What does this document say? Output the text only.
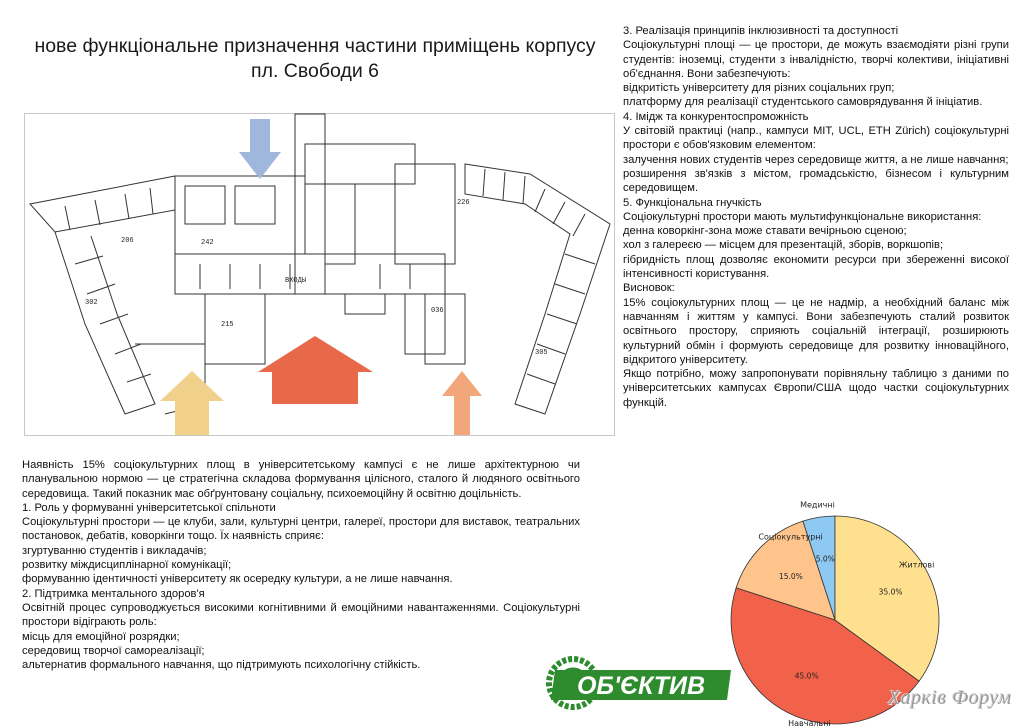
нове функціональне призначення частини приміщень корпусу
пл. Свободи 6
ВХОДЫ
036
242
206
215
226
302
305

3. Реалізація принципів інклюзивності та доступності

Соціокультурні площі — це простори, де можуть взаємодіяти різні групи студентів: іноземці, студенти з інвалідністю, творчі колективи, ініціативні об'єднання. Вони забезпечують:

відкритість університету для різних соціальних груп;

платформу для реалізації студентського самоврядування й ініціатив.

4. Імідж та конкурентоспроможність

У світовій практиці (напр., кампуси MIT, UCL, ETH Zürich) соціокультурні простори є обов'язковим елементом:

залучення нових студентів через середовище життя, а не лише навчання;

розширення зв'язків з містом, громадськістю, бізнесом і культурним середовищем.

5. Функціональна гнучкість

Соціокультурні простори мають мультифункціональне використання:

денна коворкінг-зона може ставати вечірньою сценою;

хол з галереєю — місцем для презентацій, зборів, воркшопів;

гібридність площ дозволяє економити ресурси при збереженні високої інтенсивності користування.

Висновок:

15% соціокультурних площ — це не надмір, а необхідний баланс між навчанням і життям у кампусі. Вони забезпечують сталий розвиток освітнього простору, сприяють соціальній інтеграції, розширюють культурний обмін і формують середовище для розвитку інноваційного, відкритого університету.

Якщо потрібно, можу запропонувати порівняльну таблицю з даними по університетських кампусах Європи/США щодо частки соціокультурних функцій.

Наявність 15% соціокультурних площ в університетському кампусі є не лише архітектурною чи планувальною нормою — це стратегічна складова формування цілісного, сталого й людяного освітнього середовища. Такий показник має обґрунтовану соціальну, психоемоційну й освітню доцільність.

1. Роль у формуванні університетської спільноти

Соціокультурні простори — це клуби, зали, культурні центри, галереї, простори для виставок, театральних постановок, дебатів, коворкінги тощо. Їх наявність сприяє:

згуртуванню студентів і викладачів;

розвитку міждисциплінарної комунікації;

формуванню ідентичності університету як осередку культури, а не лише навчання.

2. Підтримка ментального здоров'я

Освітній процес супроводжується високими когнітивними й емоційними навантаженнями. Соціокультурні простори відіграють роль:

місць для емоційної розрядки;

середовищ творчої самореалізації;

альтернатив формального навчання, що підтримують психологічну стійкість.

5.0%
Медичні
15.0%
Соціокультурні
45.0%
Навчальні
35.0%
Житлові
ОБ'ЄКТИВ	Харків Форум
